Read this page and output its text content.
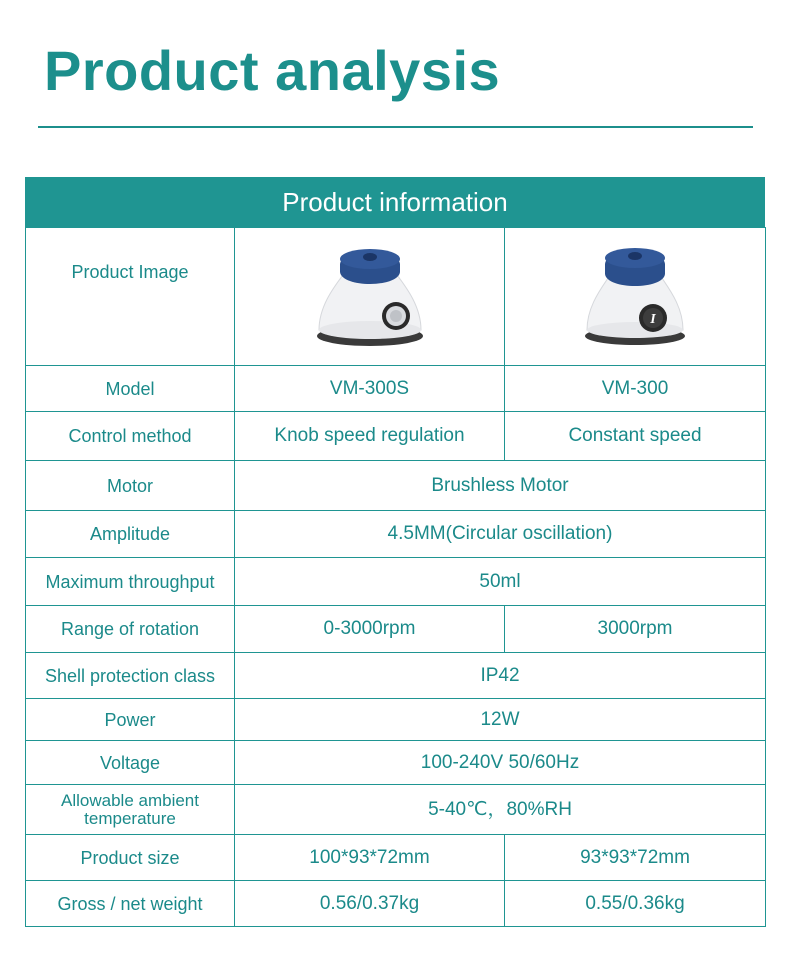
Product analysis
Product information
Product Image		I

Model	VM-300S	VM-300
Control method	Knob speed regulation	Constant speed
Motor	Brushless Motor	
Amplitude	4.5MM(Circular oscillation)	
Maximum throughput	50ml	
Range of rotation	0-3000rpm	3000rpm
Shell protection class	IP42	
Power	12W	
Voltage	100-240V 50/60Hz	
Allowable ambient temperature	5-40℃，80%RH	
Product size	100*93*72mm	93*93*72mm
Gross / net weight	0.56/0.37kg	0.55/0.36kg
